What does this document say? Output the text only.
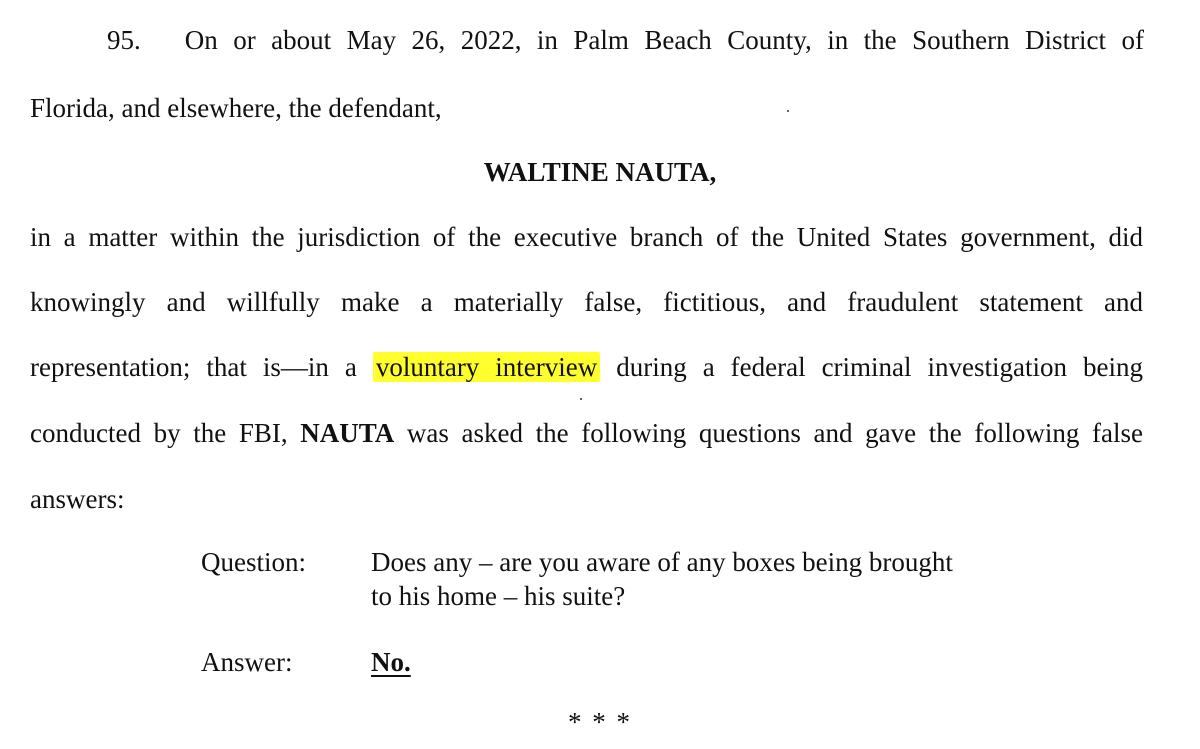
95. On or about May 26, 2022, in Palm Beach County, in the Southern District of
Florida, and elsewhere, the defendant,
WALTINE NAUTA,
in a matter within the jurisdiction of the executive branch of the United States government, did
knowingly and willfully make a materially false, fictitious, and fraudulent statement and
representation; that is—in a voluntary interview during a federal criminal investigation being
conducted by the FBI, NAUTA was asked the following questions and gave the following false
answers:
Question: Does any – are you aware of any boxes being brought
to his home – his suite?
Answer:	No.
* * *
